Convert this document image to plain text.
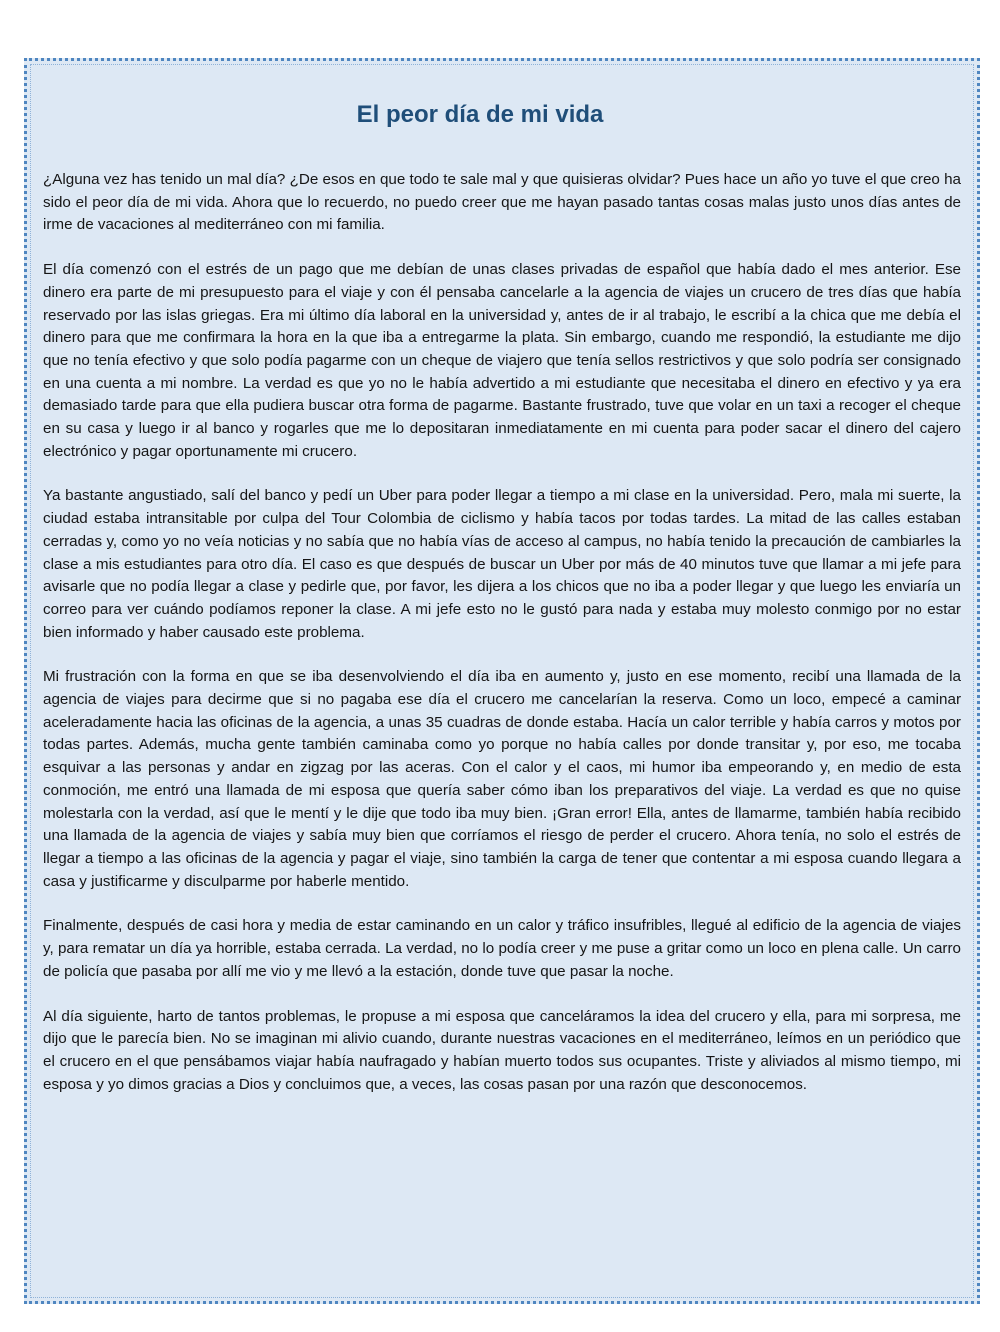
El peor día de mi vida

¿Alguna vez has tenido un mal día? ¿De esos en que todo te sale mal y que quisieras olvidar? Pues hace un año yo tuve el que creo ha sido el peor día de mi vida. Ahora que lo recuerdo, no puedo creer que me hayan pasado tantas cosas malas justo unos días antes de irme de vacaciones al mediterráneo con mi familia.

El día comenzó con el estrés de un pago que me debían de unas clases privadas de español que había dado el mes anterior. Ese dinero era parte de mi presupuesto para el viaje y con él pensaba cancelarle a la agencia de viajes un crucero de tres días que había reservado por las islas griegas. Era mi último día laboral en la universidad y, antes de ir al trabajo, le escribí a la chica que me debía el dinero para que me confirmara la hora en la que iba a entregarme la plata. Sin embargo, cuando me respondió, la estudiante me dijo que no tenía efectivo y que solo podía pagarme con un cheque de viajero que tenía sellos restrictivos y que solo podría ser consignado en una cuenta a mi nombre. La verdad es que yo no le había advertido a mi estudiante que necesitaba el dinero en efectivo y ya era demasiado tarde para que ella pudiera buscar otra forma de pagarme. Bastante frustrado, tuve que volar en un taxi a recoger el cheque en su casa y luego ir al banco y rogarles que me lo depositaran inmediatamente en mi cuenta para poder sacar el dinero del cajero electrónico y pagar oportunamente mi crucero.

Ya bastante angustiado, salí del banco y pedí un Uber para poder llegar a tiempo a mi clase en la universidad. Pero, mala mi suerte, la ciudad estaba intransitable por culpa del Tour Colombia de ciclismo y había tacos por todas tardes. La mitad de las calles estaban cerradas y, como yo no veía noticias y no sabía que no había vías de acceso al campus, no había tenido la precaución de cambiarles la clase a mis estudiantes para otro día. El caso es que después de buscar un Uber por más de 40 minutos tuve que llamar a mi jefe para avisarle que no podía llegar a clase y pedirle que, por favor, les dijera a los chicos que no iba a poder llegar y que luego les enviaría un correo para ver cuándo podíamos reponer la clase. A mi jefe esto no le gustó para nada y estaba muy molesto conmigo por no estar bien informado y haber causado este problema.

Mi frustración con la forma en que se iba desenvolviendo el día iba en aumento y, justo en ese momento, recibí una llamada de la agencia de viajes para decirme que si no pagaba ese día el crucero me cancelarían la reserva. Como un loco, empecé a caminar aceleradamente hacia las oficinas de la agencia, a unas 35 cuadras de donde estaba. Hacía un calor terrible y había carros y motos por todas partes. Además, mucha gente también caminaba como yo porque no había calles por donde transitar y, por eso, me tocaba esquivar a las personas y andar en zigzag por las aceras. Con el calor y el caos, mi humor iba empeorando y, en medio de esta conmoción, me entró una llamada de mi esposa que quería saber cómo iban los preparativos del viaje. La verdad es que no quise molestarla con la verdad, así que le mentí y le dije que todo iba muy bien. ¡Gran error! Ella, antes de llamarme, también había recibido una llamada de la agencia de viajes y sabía muy bien que corríamos el riesgo de perder el crucero. Ahora tenía, no solo el estrés de llegar a tiempo a las oficinas de la agencia y pagar el viaje, sino también la carga de tener que contentar a mi esposa cuando llegara a casa y justificarme y disculparme por haberle mentido.

Finalmente, después de casi hora y media de estar caminando en un calor y tráfico insufribles, llegué al edificio de la agencia de viajes y, para rematar un día ya horrible, estaba cerrada. La verdad, no lo podía creer y me puse a gritar como un loco en plena calle. Un carro de policía que pasaba por allí me vio y me llevó a la estación, donde tuve que pasar la noche.

Al día siguiente, harto de tantos problemas, le propuse a mi esposa que canceláramos la idea del crucero y ella, para mi sorpresa, me dijo que le parecía bien. No se imaginan mi alivio cuando, durante nuestras vacaciones en el mediterráneo, leímos en un periódico que el crucero en el que pensábamos viajar había naufragado y habían muerto todos sus ocupantes. Triste y aliviados al mismo tiempo, mi esposa y yo dimos gracias a Dios y concluimos que, a veces, las cosas pasan por una razón que desconocemos.
